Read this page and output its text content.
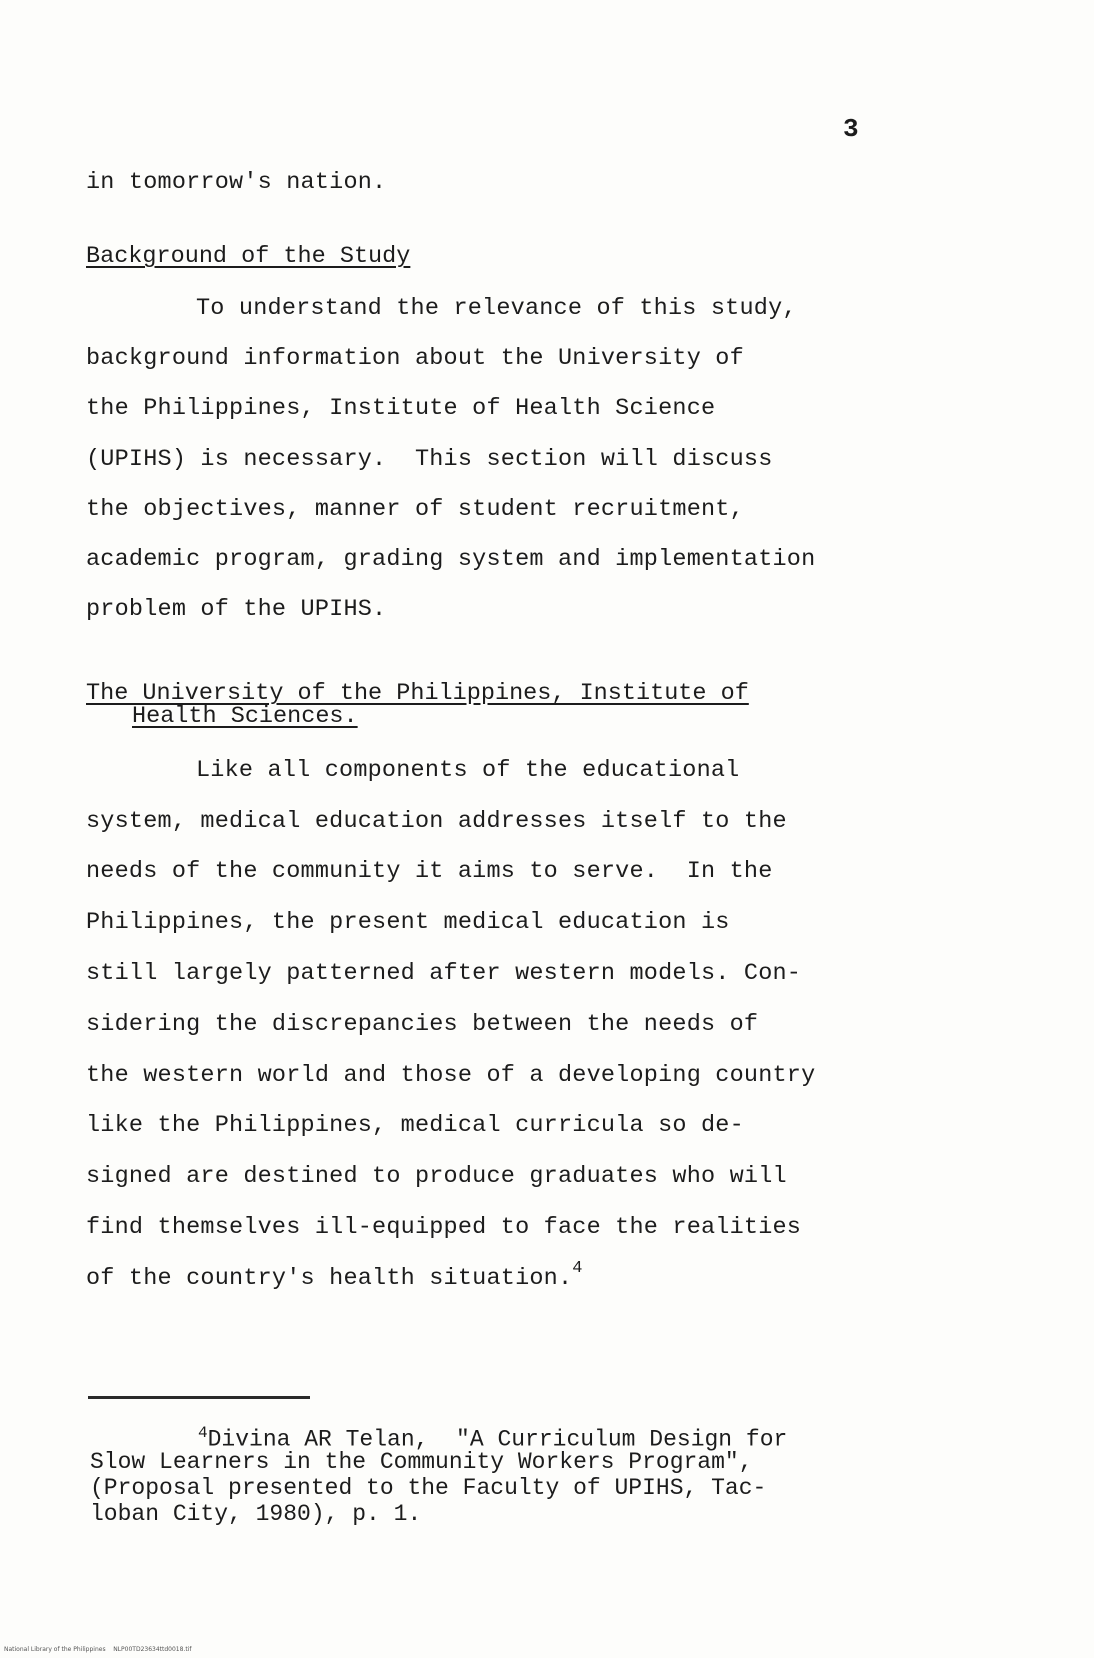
3
in tomorrow's nation.
Background of the Study
To understand the relevance of this study,
background information about the University of
the Philippines, Institute of Health Science
(UPIHS) is necessary.  This section will discuss
the objectives, manner of student recruitment,
academic program, grading system and implementation
problem of the UPIHS.
The University of the Philippines, Institute of
Health Sciences.
Like all components of the educational
system, medical education addresses itself to the
needs of the community it aims to serve.  In the
Philippines, the present medical education is
still largely patterned after western models. Con-
sidering the discrepancies between the needs of
the western world and those of a developing country
like the Philippines, medical curricula so de-
signed are destined to produce graduates who will
find themselves ill-equipped to face the realities
of the country's health situation.$^4$
$^4$Divina AR Telan,  "A Curriculum Design for
Slow Learners in the Community Workers Program",
(Proposal presented to the Faculty of UPIHS, Tac-
loban City, 1980), p. 1.
National Library of the Philippines    NLP00TD23634ttd0018.tif
